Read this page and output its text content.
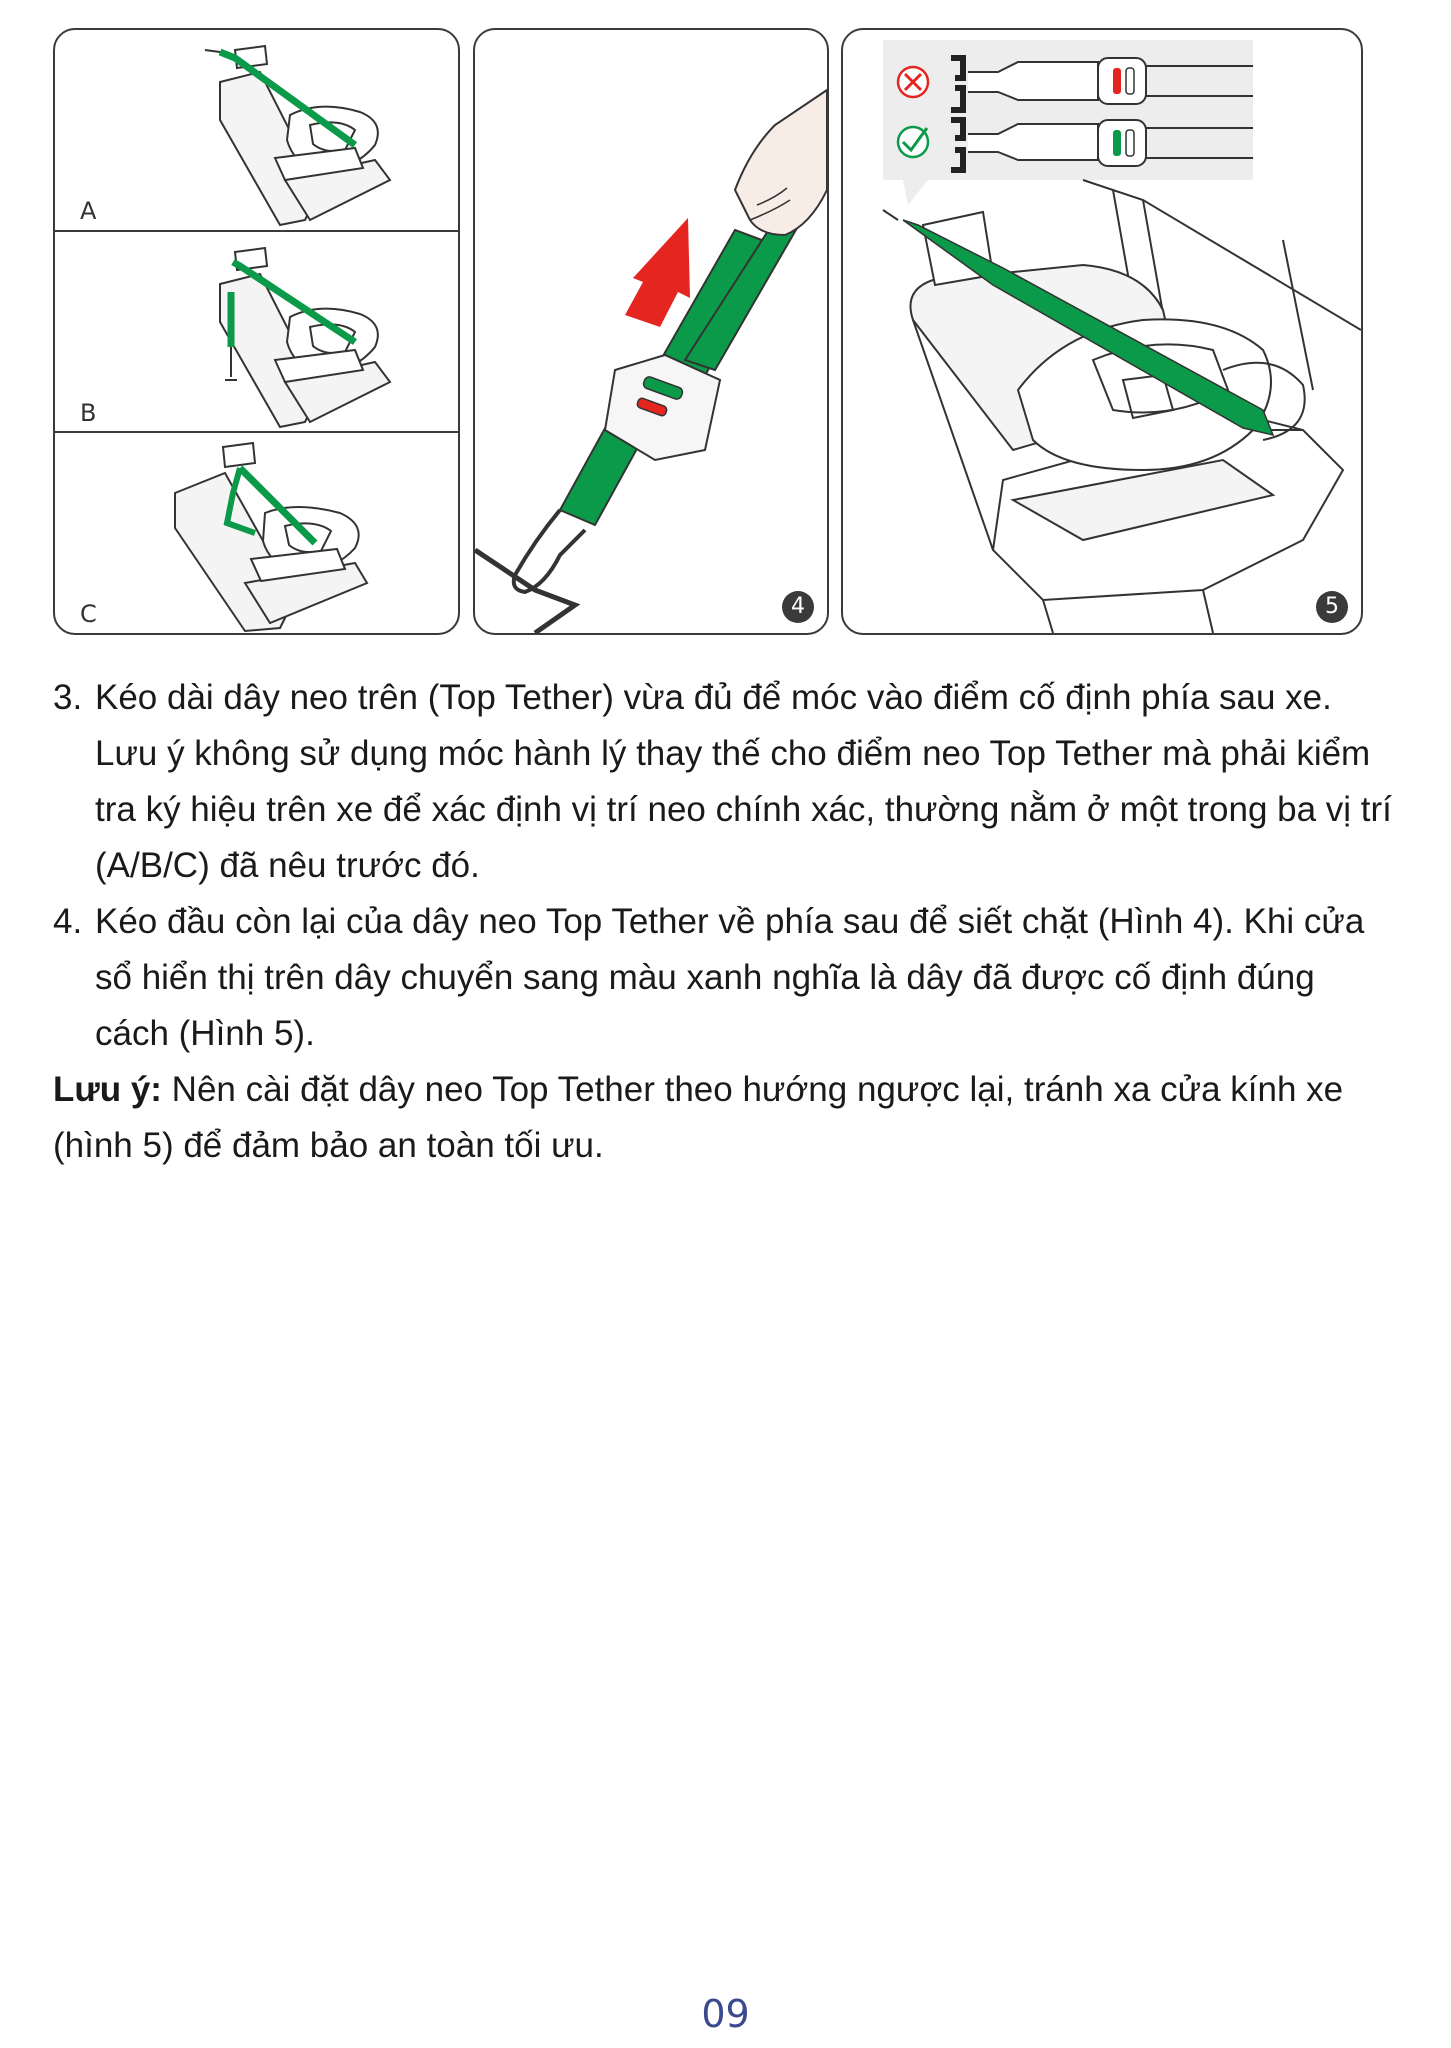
A
B
C	4	5
3. Kéo dài dây neo trên (Top Tether) vừa đủ để móc vào điểm cố định phía sau xe. Lưu ý không sử dụng móc hành lý thay thế cho điểm neo Top Tether mà phải kiểm tra ký hiệu trên xe để xác định vị trí neo chính xác, thường nằm ở một trong ba vị trí (A/B/C) đã nêu trước đó.
4. Kéo đầu còn lại của dây neo Top Tether về phía sau để siết chặt (Hình 4). Khi cửa sổ hiển thị trên dây chuyển sang màu xanh nghĩa là dây đã được cố định đúng cách (Hình 5).
Lưu ý: Nên cài đặt dây neo Top Tether theo hướng ngược lại, tránh xa cửa kính xe (hình 5) để đảm bảo an toàn tối ưu.
09
